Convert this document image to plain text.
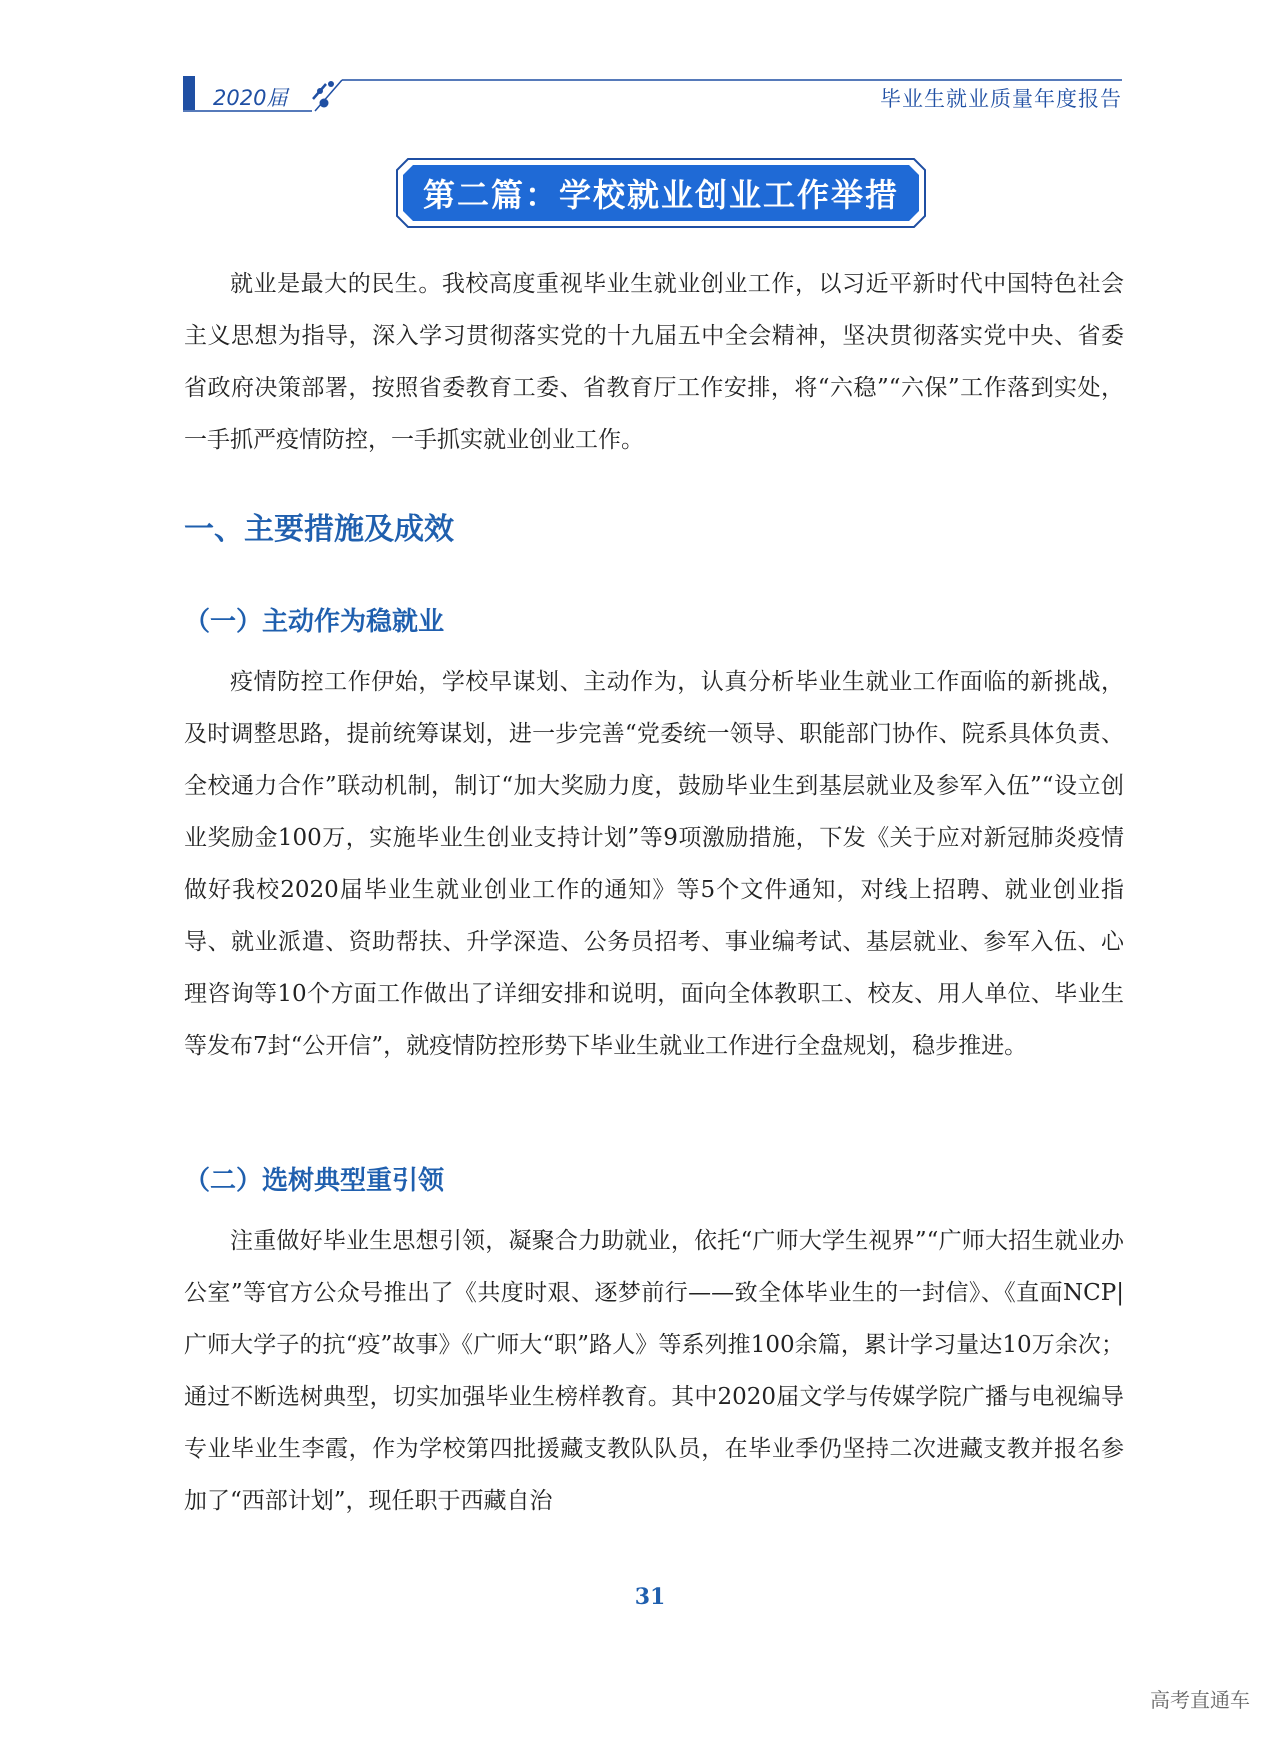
2020届	毕业生就业质量年度报告
第二篇：学校就业创业工作举措

就业是最大的民生。我校高度重视毕业生就业创业工作，以习近平新时代中国特色社会主义思想为指导，深入学习贯彻落实党的十九届五中全会精神，坚决贯彻落实党中央、省委省政府决策部署，按照省委教育工委、省教育厅工作安排，将“六稳”“六保”工作落到实处，一手抓严疫情防控，一手抓实就业创业工作。

一、主要措施及成效
（一）主动作为稳就业

疫情防控工作伊始，学校早谋划、主动作为，认真分析毕业生就业工作面临的新挑战，及时调整思路，提前统筹谋划，进一步完善“党委统一领导、职能部门协作、院系具体负责、全校通力合作”联动机制，制订“加大奖励力度，鼓励毕业生到基层就业及参军入伍”“设立创业奖励金100万，实施毕业生创业支持计划”等9项激励措施，下发《关于应对新冠肺炎疫情做好我校2020届毕业生就业创业工作的通知》等5个文件通知，对线上招聘、就业创业指导、就业派遣、资助帮扶、升学深造、公务员招考、事业编考试、基层就业、参军入伍、心理咨询等10个方面工作做出了详细安排和说明，面向全体教职工、校友、用人单位、毕业生等发布7封“公开信”，就疫情防控形势下毕业生就业工作进行全盘规划，稳步推进。

（二）选树典型重引领

注重做好毕业生思想引领，凝聚合力助就业，依托“广师大学生视界”“广师大招生就业办公室”等官方公众号推出了《共度时艰、逐梦前行——致全体毕业生的一封信》、《直面NCP| 广师大学子的抗“疫”故事》《广师大“职”路人》等系列推100余篇，累计学习量达10万余次；通过不断选树典型，切实加强毕业生榜样教育。其中2020届文学与传媒学院广播与电视编导专业毕业生李霞，作为学校第四批援藏支教队队员，在毕业季仍坚持二次进藏支教并报名参加了“西部计划”，现任职于西藏自治

31
高考直通车
